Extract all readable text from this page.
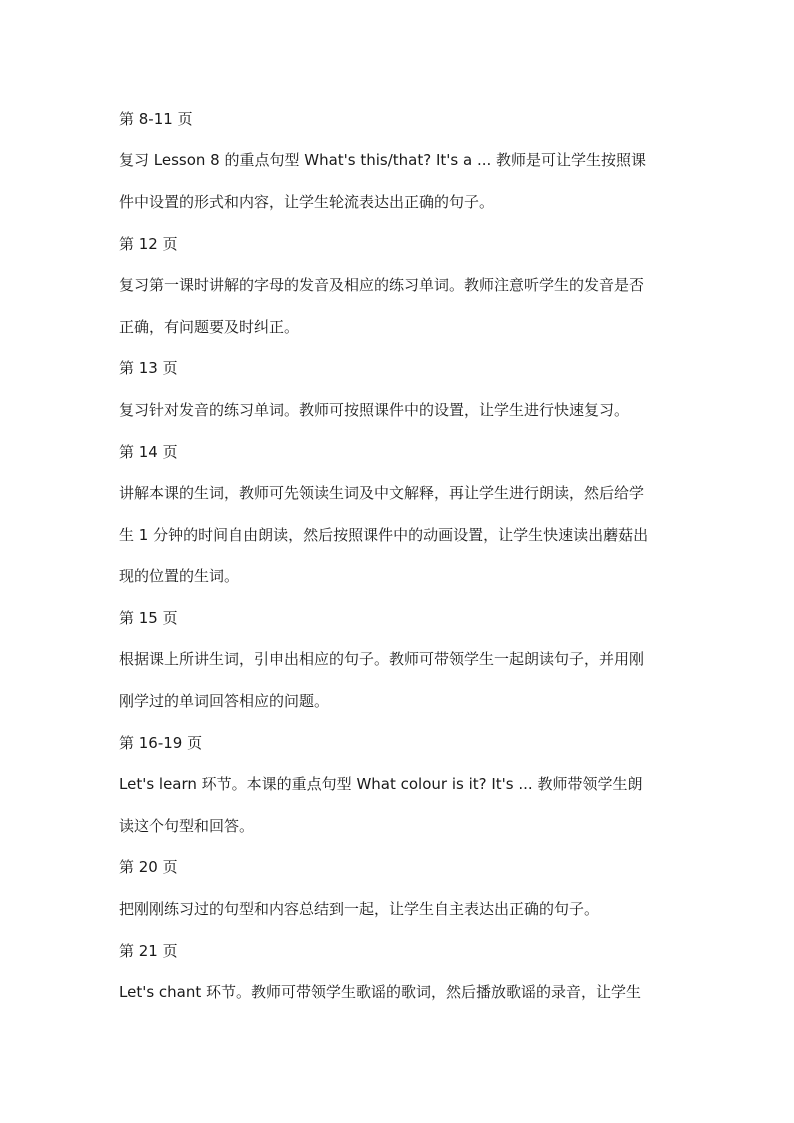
第 8-11 页
复习 Lesson 8 的重点句型 What's this/that? It's a ... 教师是可让学生按照课
件中设置的形式和内容，让学生轮流表达出正确的句子。
第 12 页
复习第一课时讲解的字母的发音及相应的练习单词。教师注意听学生的发音是否
正确，有问题要及时纠正。
第 13 页
复习针对发音的练习单词。教师可按照课件中的设置，让学生进行快速复习。
第 14 页
讲解本课的生词，教师可先领读生词及中文解释，再让学生进行朗读，然后给学
生 1 分钟的时间自由朗读，然后按照课件中的动画设置，让学生快速读出蘑菇出
现的位置的生词。
第 15 页
根据课上所讲生词，引申出相应的句子。教师可带领学生一起朗读句子，并用刚
刚学过的单词回答相应的问题。
第 16-19 页
Let's learn 环节。本课的重点句型 What colour is it? It's ... 教师带领学生朗
读这个句型和回答。
第 20 页
把刚刚练习过的句型和内容总结到一起，让学生自主表达出正确的句子。
第 21 页
Let's chant 环节。教师可带领学生歌谣的歌词，然后播放歌谣的录音，让学生
